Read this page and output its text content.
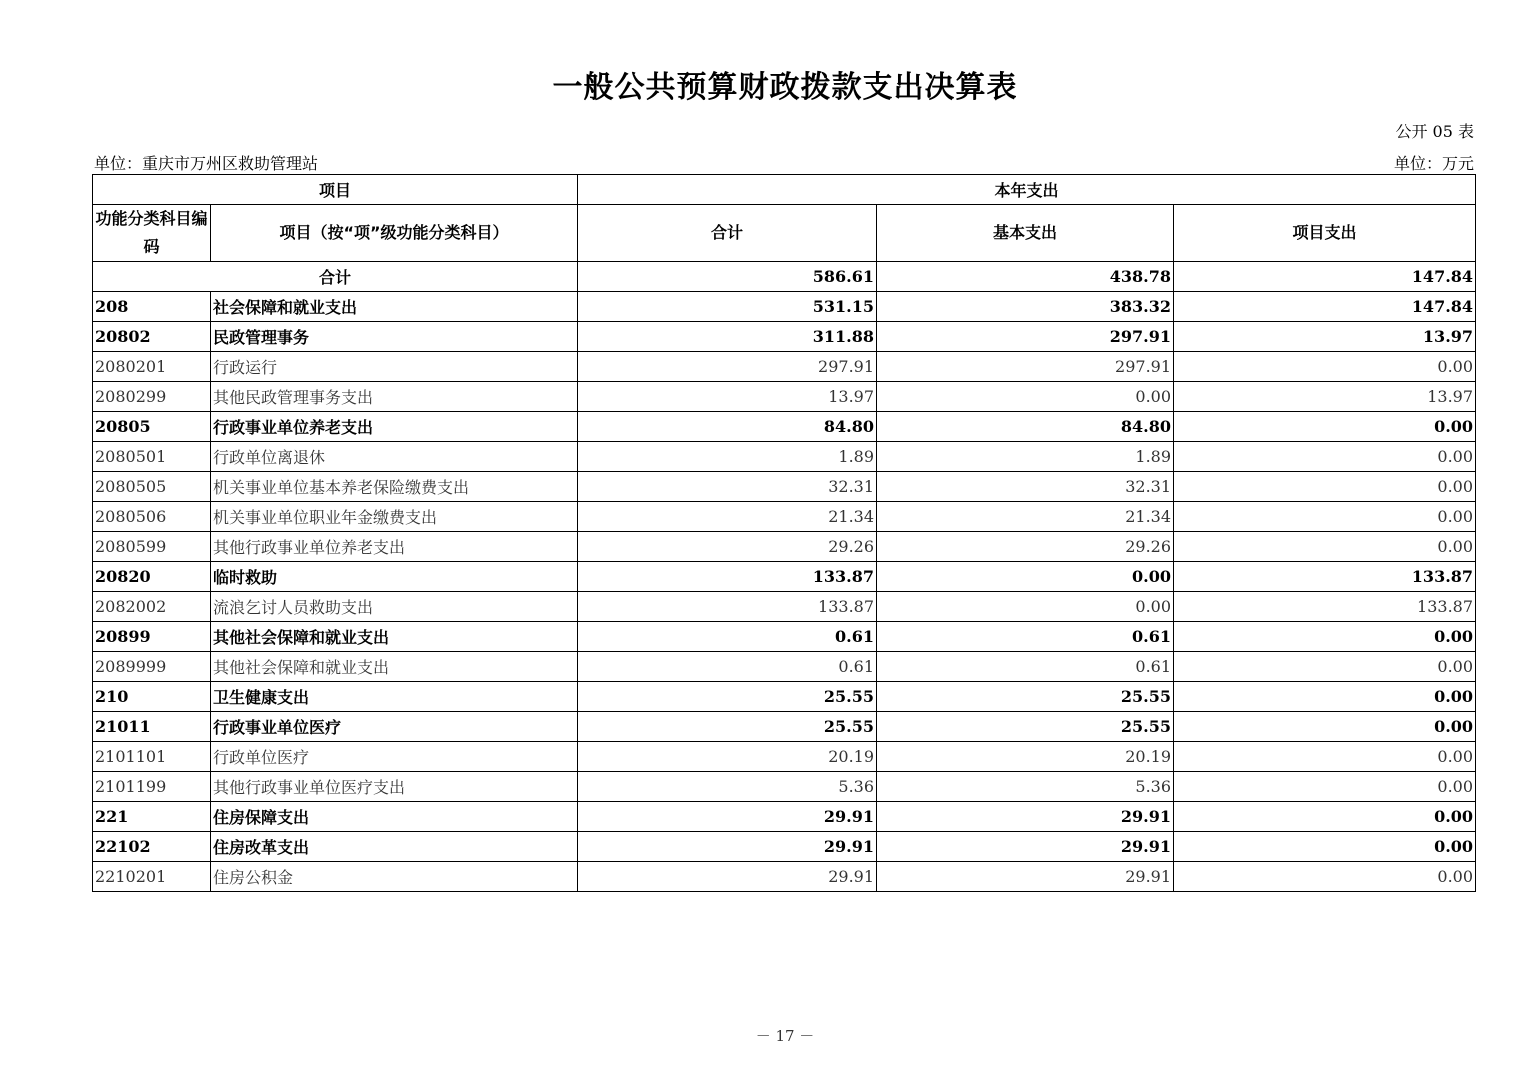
一般公共预算财政拨款支出决算表
公开 05 表
单位：重庆市万州区救助管理站	单位：万元
项目		本年支出		
功能分类科目编码	项目（按“项”级功能分类科目）	合计	基本支出	项目支出
合计		586.61	438.78	147.84
208	社会保障和就业支出	531.15	383.32	147.84
20802	民政管理事务	311.88	297.91	13.97
2080201	行政运行	297.91	297.91	0.00
2080299	其他民政管理事务支出	13.97	0.00	13.97
20805	行政事业单位养老支出	84.80	84.80	0.00
2080501	行政单位离退休	1.89	1.89	0.00
2080505	机关事业单位基本养老保险缴费支出	32.31	32.31	0.00
2080506	机关事业单位职业年金缴费支出	21.34	21.34	0.00
2080599	其他行政事业单位养老支出	29.26	29.26	0.00
20820	临时救助	133.87	0.00	133.87
2082002	流浪乞讨人员救助支出	133.87	0.00	133.87
20899	其他社会保障和就业支出	0.61	0.61	0.00
2089999	其他社会保障和就业支出	0.61	0.61	0.00
210	卫生健康支出	25.55	25.55	0.00
21011	行政事业单位医疗	25.55	25.55	0.00
2101101	行政单位医疗	20.19	20.19	0.00
2101199	其他行政事业单位医疗支出	5.36	5.36	0.00
221	住房保障支出	29.91	29.91	0.00
22102	住房改革支出	29.91	29.91	0.00
2210201	住房公积金	29.91	29.91	0.00
－ 17 －
